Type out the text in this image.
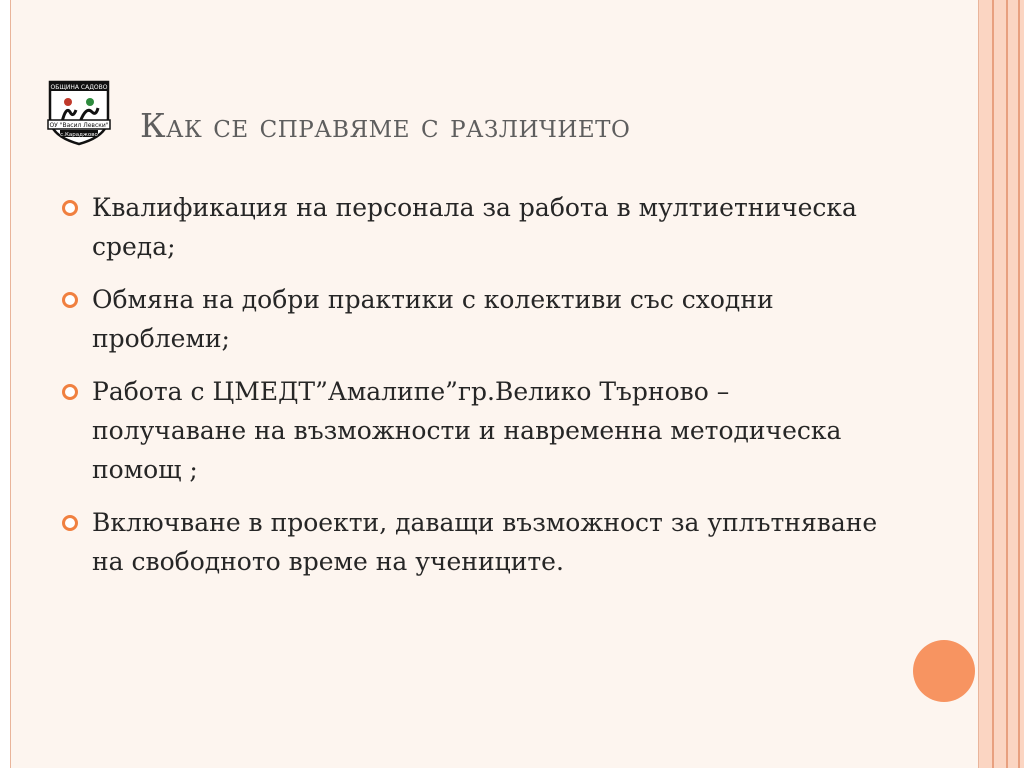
ОБЩИНА САДОВО
ОУ "Васил Левски"
с.Караджово Как се справяме с различието
Квалификация на персонала за работа в мултиетническа среда;
Обмяна на добри практики с колективи със сходни проблеми;
Работа с ЦМЕДТ”Амалипе”гр.Велико Търново – получаване на възможности и навременна методическа помощ ;
Включване в проекти, даващи възможност за уплътняване на свободното време на учениците.
